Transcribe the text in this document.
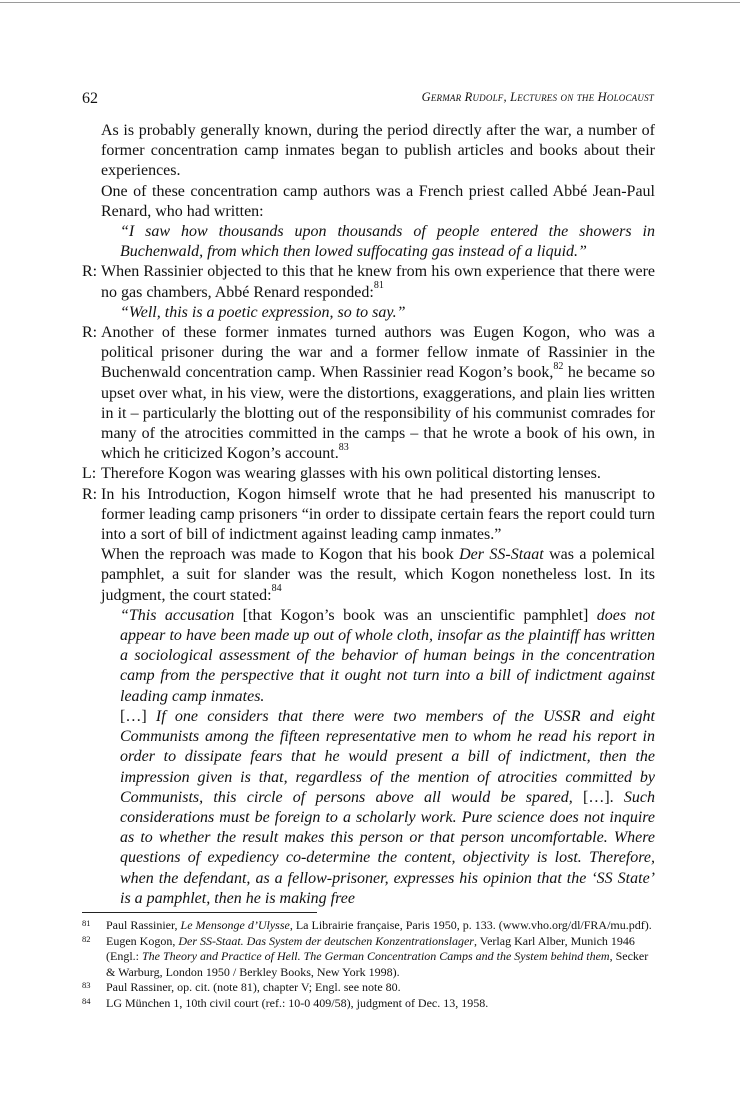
62	Germar Rudolf, Lectures on the Holocaust
As is probably generally known, during the period directly after the war, a number of former concentration camp inmates began to publish articles and books about their experiences.
One of these concentration camp authors was a French priest called Abbé Jean-Paul Renard, who had written:
“I saw how thousands upon thousands of people entered the showers in Buchenwald, from which then lowed suffocating gas instead of a liquid.”
R: When Rassinier objected to this that he knew from his own experience that there were no gas chambers, Abbé Renard responded:$^{81}$
“Well, this is a poetic expression, so to say.”
R: Another of these former inmates turned authors was Eugen Kogon, who was a political prisoner during the war and a former fellow inmate of Rassinier in the Buchenwald concentration camp. When Rassinier read Kogon’s book,$^{82}$ he became so upset over what, in his view, were the distortions, exaggerations, and plain lies written in it – particularly the blotting out of the responsibility of his communist comrades for many of the atrocities committed in the camps – that he wrote a book of his own, in which he criticized Kogon’s account.$^{83}$
L: Therefore Kogon was wearing glasses with his own political distorting lenses.
R: In his Introduction, Kogon himself wrote that he had presented his manuscript to former leading camp prisoners “in order to dissipate certain fears the report could turn into a sort of bill of indictment against leading camp inmates.”
When the reproach was made to Kogon that his book Der SS-Staat was a polemical pamphlet, a suit for slander was the result, which Kogon nonetheless lost. In its judgment, the court stated:$^{84}$
“This accusation [that Kogon’s book was an unscientific pamphlet] does not appear to have been made up out of whole cloth, insofar as the plaintiff has written a sociological assessment of the behavior of human beings in the concentration camp from the perspective that it ought not turn into a bill of indictment against leading camp inmates.
[…] If one considers that there were two members of the USSR and eight Communists among the fifteen representative men to whom he read his report in order to dissipate fears that he would present a bill of indictment, then the impression given is that, regardless of the mention of atrocities committed by Communists, this circle of persons above all would be spared, […]. Such considerations must be foreign to a scholarly work. Pure science does not inquire as to whether the result makes this person or that person uncomfortable. Where questions of expediency co-determine the content, objectivity is lost. Therefore, when the defendant, as a fellow-prisoner, expresses his opinion that the ‘SS State’ is a pamphlet, then he is making free
81 Paul Rassinier, Le Mensonge d’Ulysse, La Librairie française, Paris 1950, p. 133. (www.vho.org/dl/FRA/mu.pdf).
82 Eugen Kogon, Der SS-Staat. Das System der deutschen Konzentrationslager, Verlag Karl Alber, Munich 1946 (Engl.: The Theory and Practice of Hell. The German Concentration Camps and the System behind them, Secker & Warburg, London 1950 / Berkley Books, New York 1998).
83 Paul Rassiner, op. cit. (note 81), chapter V; Engl. see note 80.
84 LG München 1, 10th civil court (ref.: 10-0 409/58), judgment of Dec. 13, 1958.
